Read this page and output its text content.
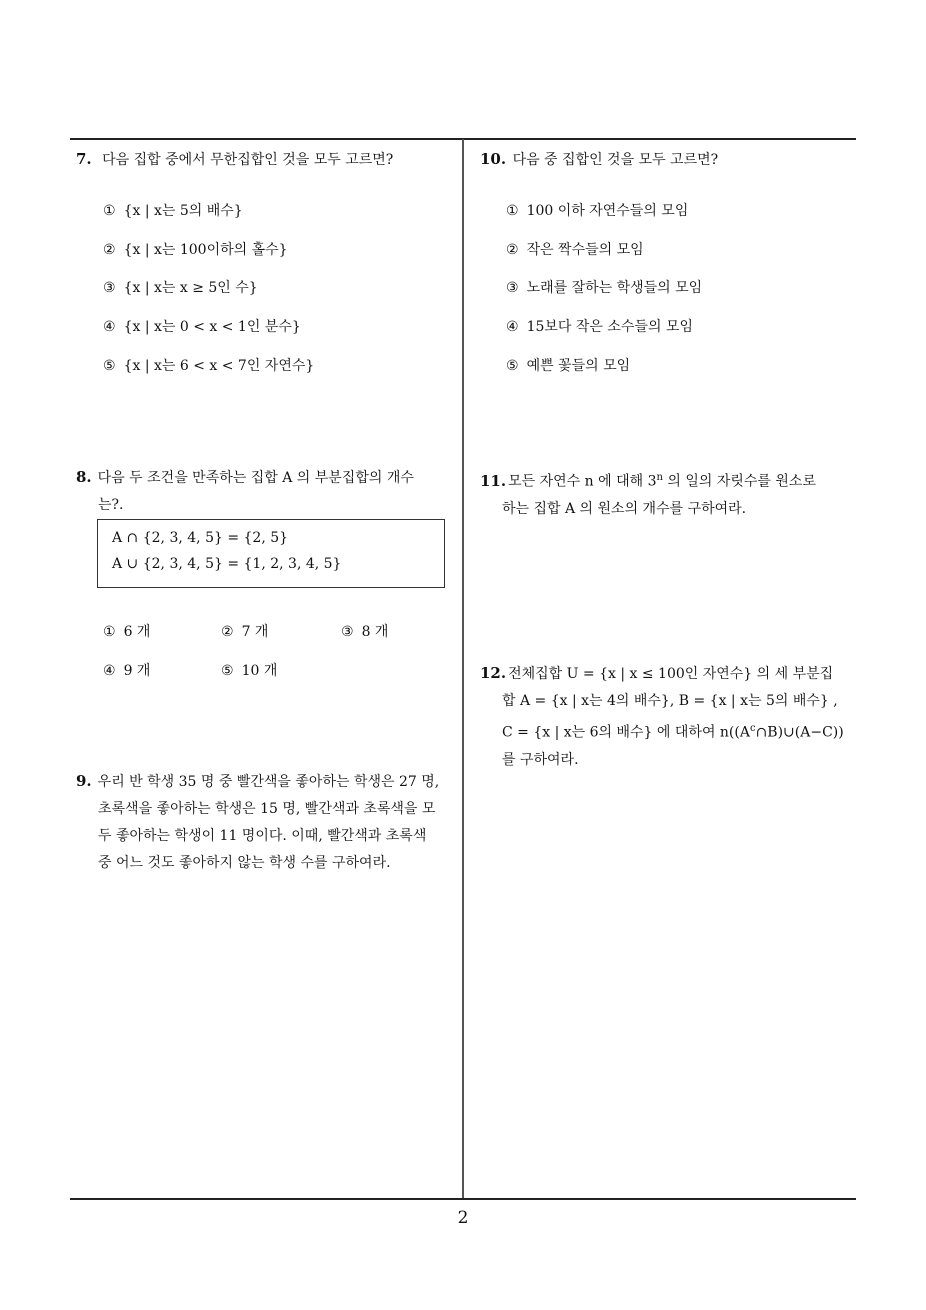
7. 다음 집합 중에서 무한집합인 것을 모두 고르면?
① {x | x는 5의 배수}
② {x | x는 100이하의 홀수}
③ {x | x는 x ≥ 5인 수}
④ {x | x는 0 < x < 1인 분수}
⑤ {x | x는 6 < x < 7인 자연수}
8. 다음 두 조건을 만족하는 집합 A 의 부분집합의 개수
는?.
A ∩ {2, 3, 4, 5} = {2, 5}
A ∪ {2, 3, 4, 5} = {1, 2, 3, 4, 5}
① 6 개	② 7 개	③ 8 개
④ 9 개	⑤ 10 개
9. 우리 반 학생 35 명 중 빨간색을 좋아하는 학생은 27 명,
초록색을 좋아하는 학생은 15 명, 빨간색과 초록색을 모
두 좋아하는 학생이 11 명이다. 이때, 빨간색과 초록색
중 어느 것도 좋아하지 않는 학생 수를 구하여라.
10. 다음 중 집합인 것을 모두 고르면?
① 100 이하 자연수들의 모임
② 작은 짝수들의 모임
③ 노래를 잘하는 학생들의 모임
④ 15보다 작은 소수들의 모임
⑤ 예쁜 꽃들의 모임
11. 모든 자연수 n 에 대해 3$^n$ 의 일의 자릿수를 원소로
하는 집합 A 의 원소의 개수를 구하여라.
12. 전체집합 U = {x | x ≤ 100인 자연수} 의 세 부분집
합 A = {x | x는 4의 배수}, B = {x | x는 5의 배수} ,
C = {x | x는 6의 배수} 에 대하여 $n((A^c\cap B)\cup(A-C))$
를 구하여라.
2
